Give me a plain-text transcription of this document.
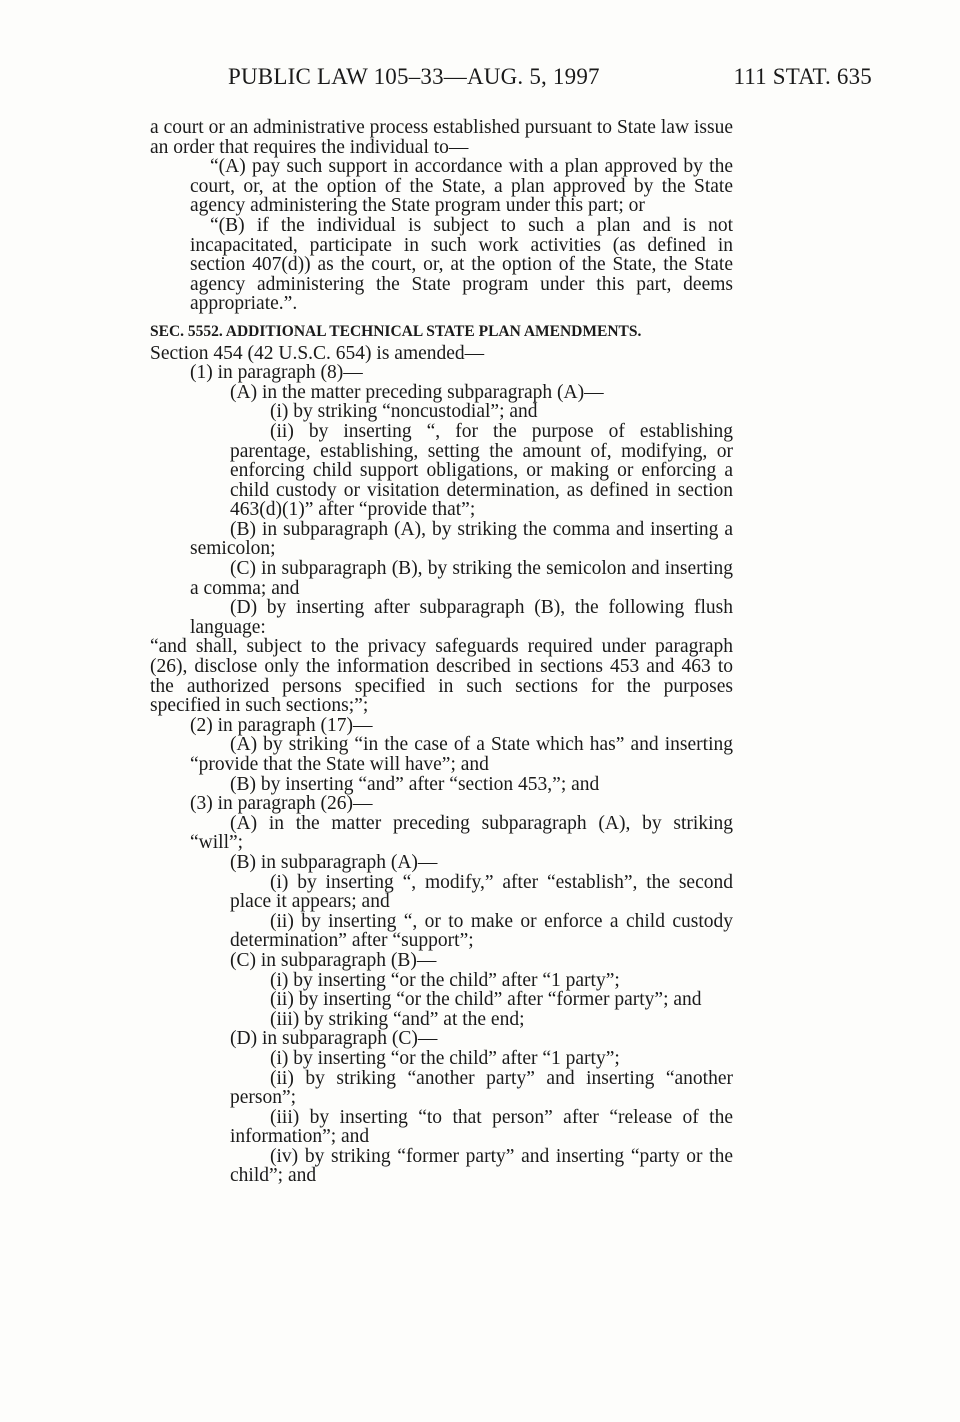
PUBLIC LAW 105–33—AUG. 5, 1997	111 STAT. 635

a court or an administrative process established pursuant to State law issue an order that requires the individual to—

“(A) pay such support in accordance with a plan approved by the court, or, at the option of the State, a plan approved by the State agency administering the State program under this part; or

“(B) if the individual is subject to such a plan and is not incapacitated, participate in such work activities (as defined in section 407(d)) as the court, or, at the option of the State, the State agency administering the State program under this part, deems appropriate.”.

SEC. 5552. ADDITIONAL TECHNICAL STATE PLAN AMENDMENTS.

Section 454 (42 U.S.C. 654) is amended—

(1) in paragraph (8)—

(A) in the matter preceding subparagraph (A)—

(i) by striking “noncustodial”; and

(ii) by inserting “, for the purpose of establishing parentage, establishing, setting the amount of, modifying, or enforcing child support obligations, or making or enforcing a child custody or visitation determination, as defined in section 463(d)(1)” after “provide that”;

(B) in subparagraph (A), by striking the comma and inserting a semicolon;

(C) in subparagraph (B), by striking the semicolon and inserting a comma; and

(D) by inserting after subparagraph (B), the following flush language:

“and shall, subject to the privacy safeguards required under paragraph (26), disclose only the information described in sections 453 and 463 to the authorized persons specified in such sections for the purposes specified in such sections;”;

(2) in paragraph (17)—

(A) by striking “in the case of a State which has” and inserting “provide that the State will have”; and

(B) by inserting “and” after “section 453,”; and

(3) in paragraph (26)—

(A) in the matter preceding subparagraph (A), by striking “will”;

(B) in subparagraph (A)—

(i) by inserting “, modify,” after “establish”, the second place it appears; and

(ii) by inserting “, or to make or enforce a child custody determination” after “support”;

(C) in subparagraph (B)—

(i) by inserting “or the child” after “1 party”;

(ii) by inserting “or the child” after “former party”; and

(iii) by striking “and” at the end;

(D) in subparagraph (C)—

(i) by inserting “or the child” after “1 party”;

(ii) by striking “another party” and inserting “another person”;

(iii) by inserting “to that person” after “release of the information”; and

(iv) by striking “former party” and inserting “party or the child”; and
